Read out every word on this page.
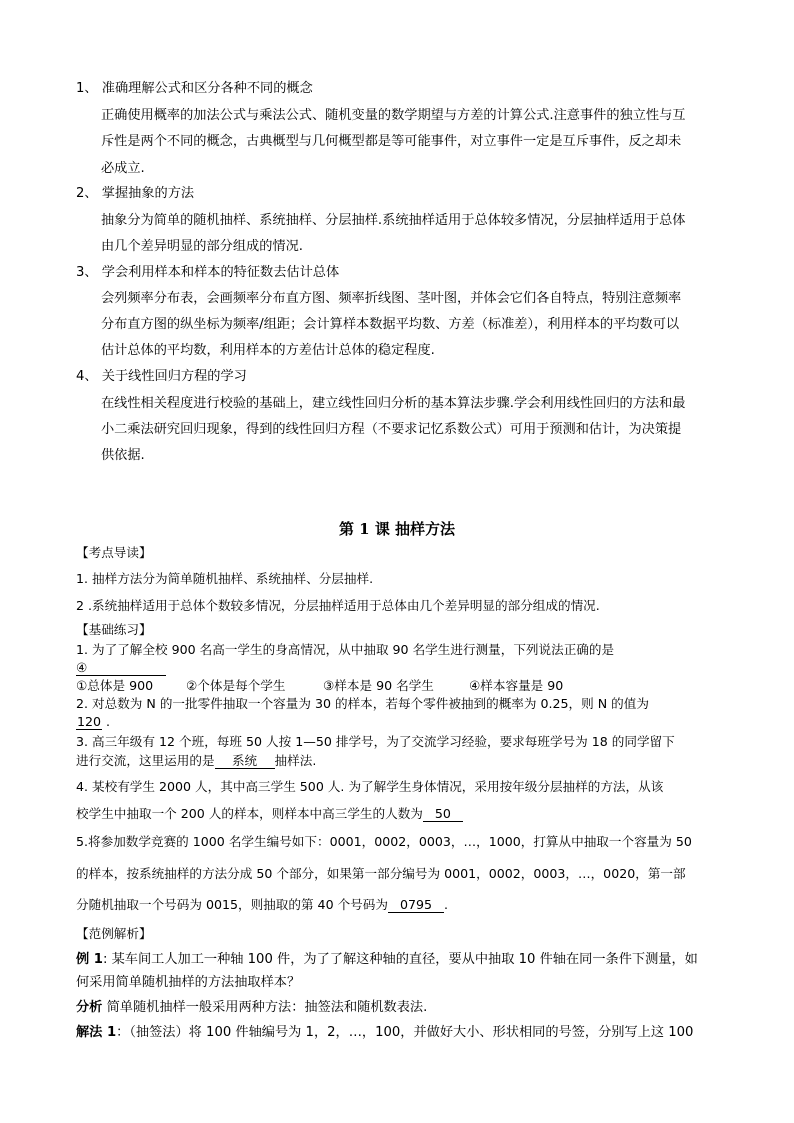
1、 准确理解公式和区分各种不同的概念
正确使用概率的加法公式与乘法公式、随机变量的数学期望与方差的计算公式.注意事件的独立性与互
斥性是两个不同的概念，古典概型与几何概型都是等可能事件，对立事件一定是互斥事件，反之却未
必成立.
2、 掌握抽象的方法
抽象分为简单的随机抽样、系统抽样、分层抽样.系统抽样适用于总体较多情况，分层抽样适用于总体
由几个差异明显的部分组成的情况.
3、 学会利用样本和样本的特征数去估计总体
会列频率分布表，会画频率分布直方图、频率折线图、茎叶图，并体会它们各自特点，特别注意频率
分布直方图的纵坐标为频率/组距；会计算样本数据平均数、方差（标准差），利用样本的平均数可以
估计总体的平均数，利用样本的方差估计总体的稳定程度.
4、 关于线性回归方程的学习
在线性相关程度进行校验的基础上，建立线性回归分析的基本算法步骤.学会利用线性回归的方法和最
小二乘法研究回归现象，得到的线性回归方程（不要求记忆系数公式）可用于预测和估计，为决策提
供依据.
第 1 课 抽样方法
【考点导读】
1. 抽样方法分为简单随机抽样、系统抽样、分层抽样.
2 .系统抽样适用于总体个数较多情况，分层抽样适用于总体由几个差异明显的部分组成的情况.
【基础练习】
1. 为了了解全校 900 名高一学生的身高情况，从中抽取 90 名学生进行测量，下列说法正确的是
④
①总体是 900	②个体是每个学生	③样本是 90 名学生	④样本容量是 90
2. 对总数为 N 的一批零件抽取一个容量为 30 的样本，若每个零件被抽到的概率为 0.25，则 N 的值为
120 .
3. 高三年级有 12 个班，每班 50 人按 1—50 排学号，为了交流学习经验，要求每班学号为 18 的同学留下
进行交流，这里运用的是 系统 抽样法.
4. 某校有学生 2000 人，其中高三学生 500 人. 为了解学生身体情况，采用按年级分层抽样的方法，从该
校学生中抽取一个 200 人的样本，则样本中高三学生的人数为 50
5.将参加数学竞赛的 1000 名学生编号如下：0001，0002，0003，…，1000，打算从中抽取一个容量为 50
的样本，按系统抽样的方法分成 50 个部分，如果第一部分编号为 0001，0002，0003，…，0020，第一部
分随机抽取一个号码为 0015，则抽取的第 40 个号码为 0795 .
【范例解析】
例 1: 某车间工人加工一种轴 100 件，为了了解这种轴的直径，要从中抽取 10 件轴在同一条件下测量，如
何采用简单随机抽样的方法抽取样本？
分析 简单随机抽样一般采用两种方法：抽签法和随机数表法.
解法 1：（抽签法）将 100 件轴编号为 1，2，…，100，并做好大小、形状相同的号签，分别写上这 100
